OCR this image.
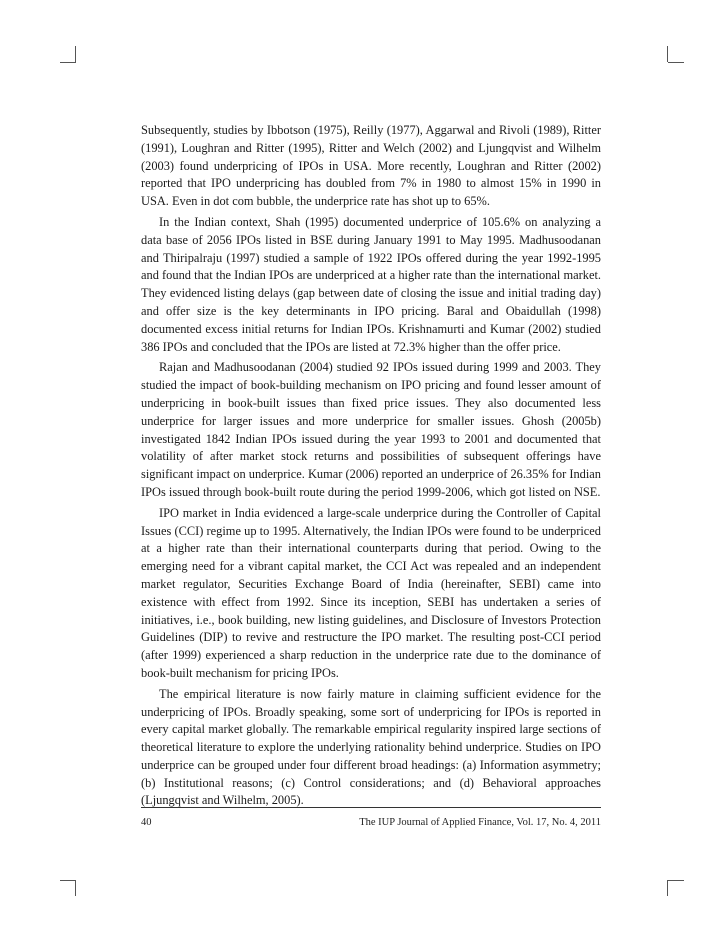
Subsequently, studies by Ibbotson (1975), Reilly (1977), Aggarwal and Rivoli (1989), Ritter (1991), Loughran and Ritter (1995), Ritter and Welch (2002) and Ljungqvist and Wilhelm (2003) found underpricing of IPOs in USA. More recently, Loughran and Ritter (2002) reported that IPO underpricing has doubled from 7% in 1980 to almost 15% in 1990 in USA. Even in dot com bubble, the underprice rate has shot up to 65%.

In the Indian context, Shah (1995) documented underprice of 105.6% on analyzing a data base of 2056 IPOs listed in BSE during January 1991 to May 1995. Madhusoodanan and Thiripalraju (1997) studied a sample of 1922 IPOs offered during the year 1992-1995 and found that the Indian IPOs are underpriced at a higher rate than the international market. They evidenced listing delays (gap between date of closing the issue and initial trading day) and offer size is the key determinants in IPO pricing. Baral and Obaidullah (1998) documented excess initial returns for Indian IPOs. Krishnamurti and Kumar (2002) studied 386 IPOs and concluded that the IPOs are listed at 72.3% higher than the offer price.

Rajan and Madhusoodanan (2004) studied 92 IPOs issued during 1999 and 2003. They studied the impact of book-building mechanism on IPO pricing and found lesser amount of underpricing in book-built issues than fixed price issues. They also documented less underprice for larger issues and more underprice for smaller issues. Ghosh (2005b) investigated 1842 Indian IPOs issued during the year 1993 to 2001 and documented that volatility of after market stock returns and possibilities of subsequent offerings have significant impact on underprice. Kumar (2006) reported an underprice of 26.35% for Indian IPOs issued through book-built route during the period 1999-2006, which got listed on NSE.

IPO market in India evidenced a large-scale underprice during the Controller of Capital Issues (CCI) regime up to 1995. Alternatively, the Indian IPOs were found to be underpriced at a higher rate than their international counterparts during that period. Owing to the emerging need for a vibrant capital market, the CCI Act was repealed and an independent market regulator, Securities Exchange Board of India (hereinafter, SEBI) came into existence with effect from 1992. Since its inception, SEBI has undertaken a series of initiatives, i.e., book building, new listing guidelines, and Disclosure of Investors Protection Guidelines (DIP) to revive and restructure the IPO market. The resulting post-CCI period (after 1999) experienced a sharp reduction in the underprice rate due to the dominance of book-built mechanism for pricing IPOs.

The empirical literature is now fairly mature in claiming sufficient evidence for the underpricing of IPOs. Broadly speaking, some sort of underpricing for IPOs is reported in every capital market globally. The remarkable empirical regularity inspired large sections of theoretical literature to explore the underlying rationality behind underprice. Studies on IPO underprice can be grouped under four different broad headings: (a) Information asymmetry; (b) Institutional reasons; (c) Control considerations; and (d) Behavioral approaches (Ljungqvist and Wilhelm, 2005).

40	The IUP Journal of Applied Finance, Vol. 17, No. 4, 2011
